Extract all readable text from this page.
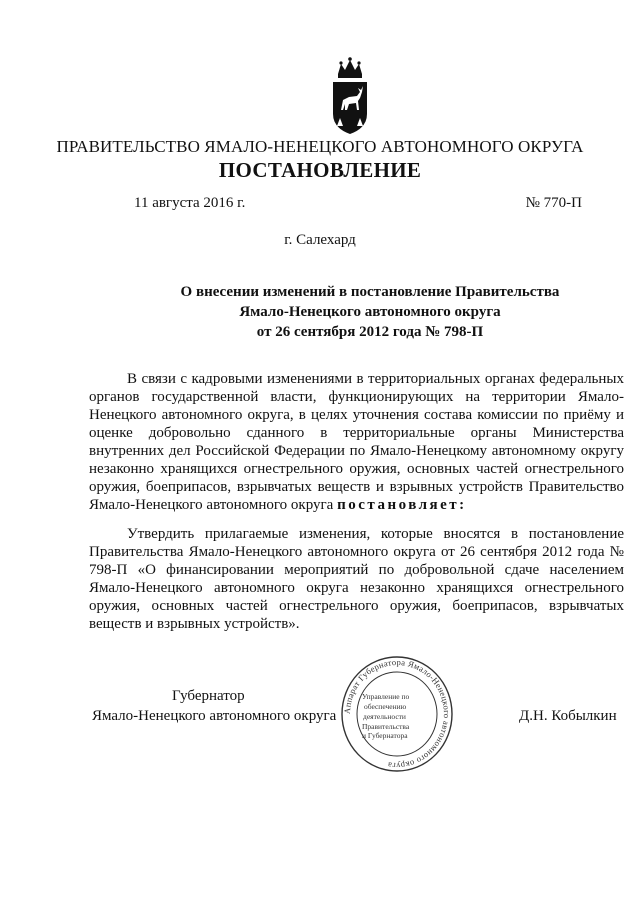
ПРАВИТЕЛЬСТВО ЯМАЛО-НЕНЕЦКОГО АВТОНОМНОГО ОКРУГА
ПОСТАНОВЛЕНИЕ
11 августа 2016 г.	№ 770-П
г. Салехард
О внесении изменений в постановление Правительства
Ямало-Ненецкого автономного округа
от 26 сентября 2012 года № 798-П
В связи с кадровыми изменениями в территориальных органах федеральных органов государственной власти, функционирующих на территории Ямало-Ненецкого автономного округа, в целях уточнения состава комиссии по приёму и оценке добровольно сданного в территориальные органы Министерства внутренних дел Российской Федерации по Ямало-Ненецкому автономному округу незаконно хранящихся огнестрельного оружия, основных частей огнестрельного оружия, боеприпасов, взрывчатых веществ и взрывных устройств Правительство Ямало-Ненецкого автономного округа постановляет:
Утвердить прилагаемые изменения, которые вносятся в постановление Правительства Ямало-Ненецкого автономного округа от 26 сентября 2012 года № 798-П «О финансировании мероприятий по добровольной сдаче населением Ямало-Ненецкого автономного округа незаконно хранящихся огнестрельного оружия, основных частей огнестрельного оружия, боеприпасов, взрывчатых веществ и взрывных устройств».
Губернатор
Ямало-Ненецкого автономного округа	Д.Н. Кобылкин
Аппарат Губернатора Ямало-Ненецкого автономного округа
Управление по
обеспечению
деятельности
Правительства
и Губернатора
